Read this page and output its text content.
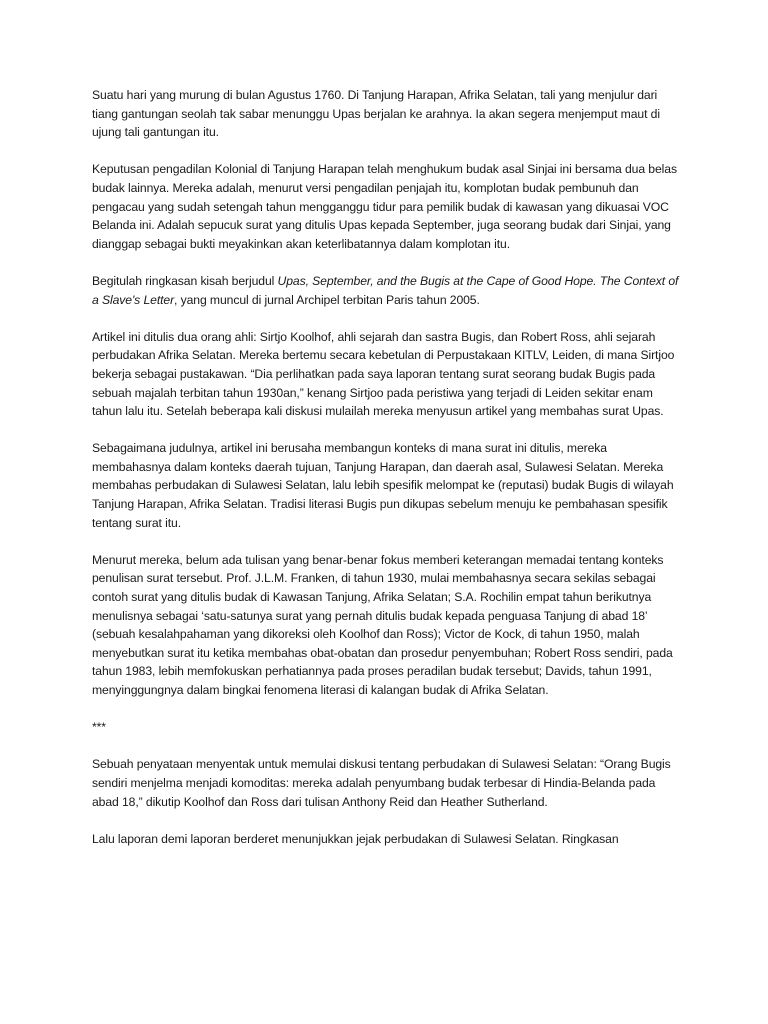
Suatu hari yang murung di bulan Agustus 1760. Di Tanjung Harapan, Afrika Selatan, tali yang menjulur dari tiang gantungan seolah tak sabar menunggu Upas berjalan ke arahnya. Ia akan segera menjemput maut di ujung tali gantungan itu.

Keputusan pengadilan Kolonial di Tanjung Harapan telah menghukum budak asal Sinjai ini bersama dua belas budak lainnya. Mereka adalah, menurut versi pengadilan penjajah itu, komplotan budak pembunuh dan pengacau yang sudah setengah tahun mengganggu tidur para pemilik budak di kawasan yang dikuasai VOC Belanda ini. Adalah sepucuk surat yang ditulis Upas kepada September, juga seorang budak dari Sinjai, yang dianggap sebagai bukti meyakinkan akan keterlibatannya dalam komplotan itu.

Begitulah ringkasan kisah berjudul Upas, September, and the Bugis at the Cape of Good Hope. The Context of a Slave's Letter, yang muncul di jurnal Archipel terbitan Paris tahun 2005.

Artikel ini ditulis dua orang ahli: Sirtjo Koolhof, ahli sejarah dan sastra Bugis, dan Robert Ross, ahli sejarah perbudakan Afrika Selatan. Mereka bertemu secara kebetulan di Perpustakaan KITLV, Leiden, di mana Sirtjoo bekerja sebagai pustakawan. “Dia perlihatkan pada saya laporan tentang surat seorang budak Bugis pada sebuah majalah terbitan tahun 1930an,” kenang Sirtjoo pada peristiwa yang terjadi di Leiden sekitar enam tahun lalu itu. Setelah beberapa kali diskusi mulailah mereka menyusun artikel yang membahas surat Upas.

Sebagaimana judulnya, artikel ini berusaha membangun konteks di mana surat ini ditulis, mereka membahasnya dalam konteks daerah tujuan, Tanjung Harapan, dan daerah asal, Sulawesi Selatan. Mereka membahas perbudakan di Sulawesi Selatan, lalu lebih spesifik melompat ke (reputasi) budak Bugis di wilayah Tanjung Harapan, Afrika Selatan. Tradisi literasi Bugis pun dikupas sebelum menuju ke pembahasan spesifik tentang surat itu.

Menurut mereka, belum ada tulisan yang benar-benar fokus memberi keterangan memadai tentang konteks penulisan surat tersebut. Prof. J.L.M. Franken, di tahun 1930, mulai membahasnya secara sekilas sebagai contoh surat yang ditulis budak di Kawasan Tanjung, Afrika Selatan; S.A. Rochilin empat tahun berikutnya menulisnya sebagai ‘satu-satunya surat yang pernah ditulis budak kepada penguasa Tanjung di abad 18’ (sebuah kesalahpahaman yang dikoreksi oleh Koolhof dan Ross); Victor de Kock, di tahun 1950, malah menyebutkan surat itu ketika membahas obat-obatan dan prosedur penyembuhan; Robert Ross sendiri, pada tahun 1983, lebih memfokuskan perhatiannya pada proses peradilan budak tersebut; Davids, tahun 1991, menyinggungnya dalam bingkai fenomena literasi di kalangan budak di Afrika Selatan.

***

Sebuah penyataan menyentak untuk memulai diskusi tentang perbudakan di Sulawesi Selatan: “Orang Bugis sendiri menjelma menjadi komoditas: mereka adalah penyumbang budak terbesar di Hindia-Belanda pada abad 18,” dikutip Koolhof dan Ross dari tulisan Anthony Reid dan Heather Sutherland.

Lalu laporan demi laporan berderet menunjukkan jejak perbudakan di Sulawesi Selatan. Ringkasan
